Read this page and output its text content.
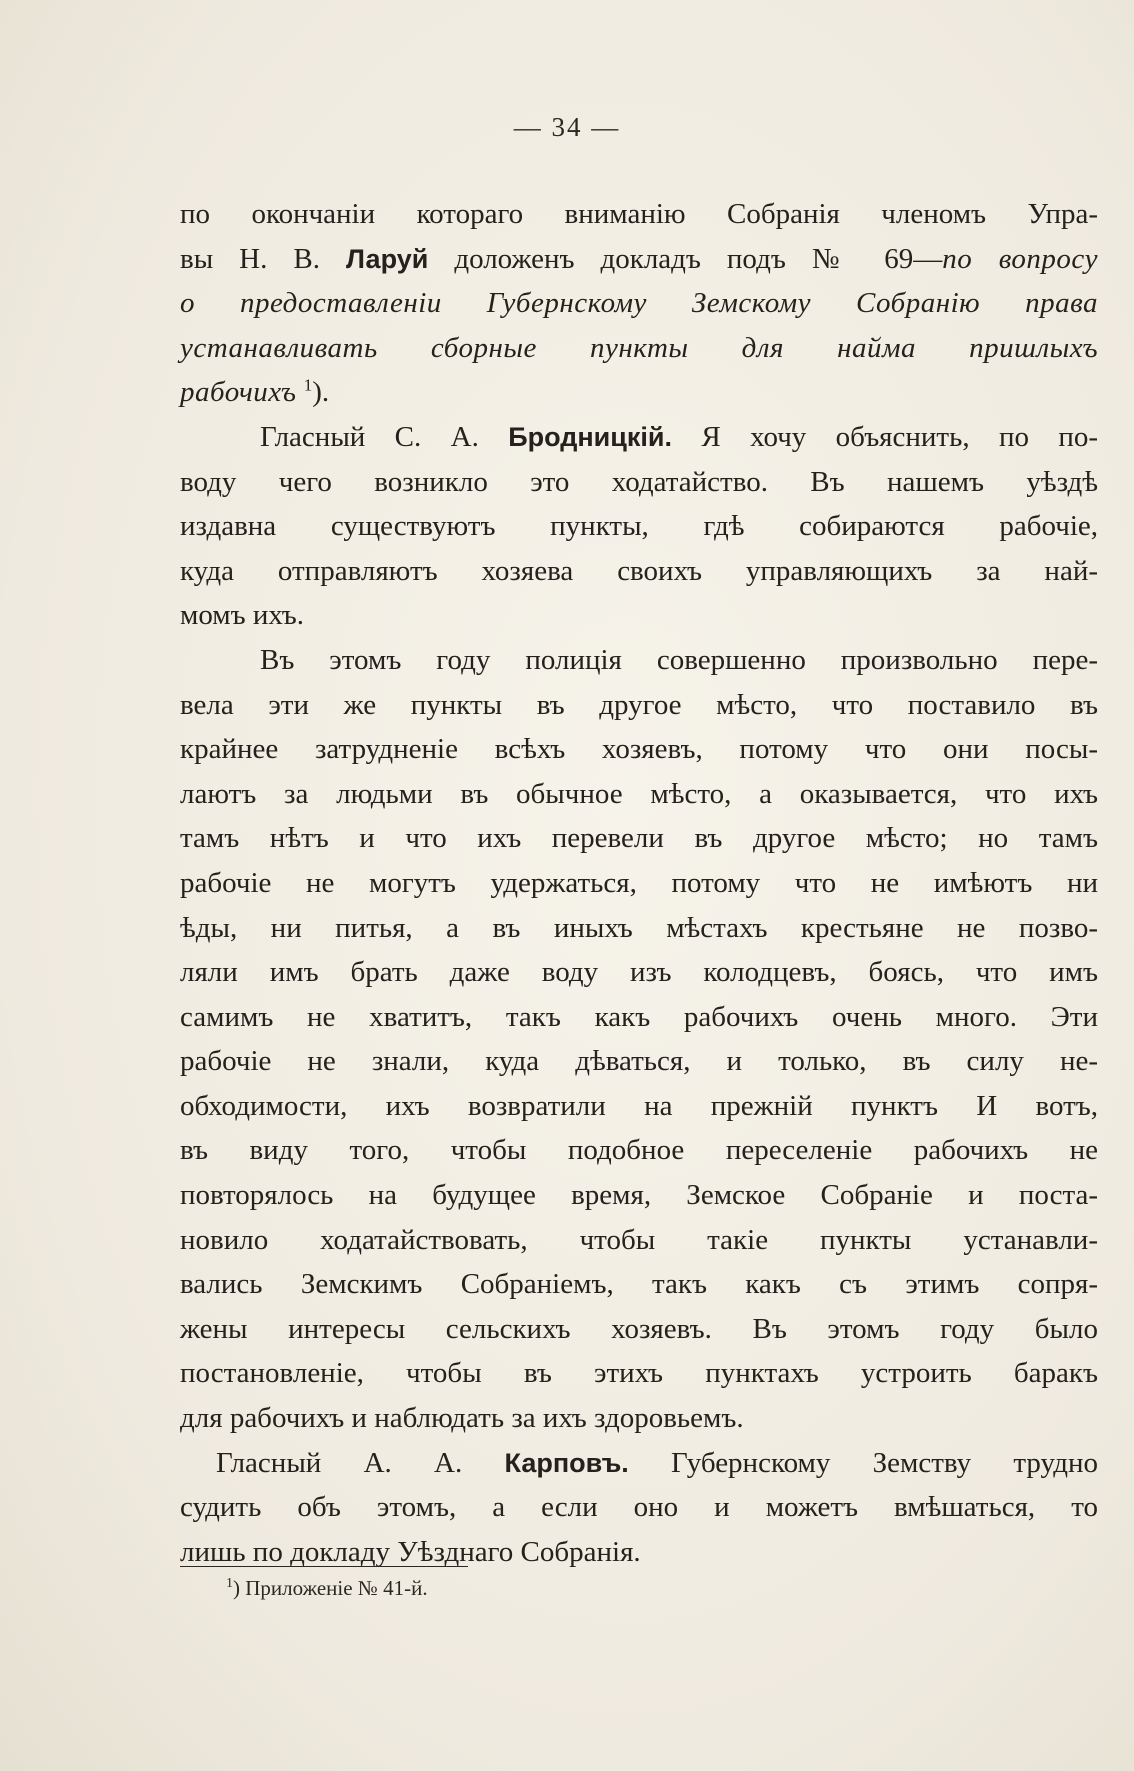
— 34 —
по окончаніи котораго вниманію Собранія членомъ Упра-
вы Н. В. Ларуй доложенъ докладъ подъ № 69—по вопросу
о предоставленіи Губернскому Земскому Собранію права
устанавливать сборные пункты для найма пришлыхъ
рабочихъ $^1$).
Гласный С. А. Бродницкій. Я хочу объяснить, по по-
воду чего возникло это ходатайство. Въ нашемъ уѣздѣ
издавна существуютъ пункты, гдѣ собираются рабочіе,
куда отправляютъ хозяева своихъ управляющихъ за най-
момъ ихъ.
Въ этомъ году полиція совершенно произвольно пере-
вела эти же пункты въ другое мѣсто, что поставило въ
крайнее затрудненіе всѣхъ хозяевъ, потому что они посы-
лаютъ за людьми въ обычное мѣсто, а оказывается, что ихъ
тамъ нѣтъ и что ихъ перевели въ другое мѣсто; но тамъ
рабочіе не могутъ удержаться, потому что не имѣютъ ни
ѣды, ни питья, а въ иныхъ мѣстахъ крестьяне не позво-
ляли имъ брать даже воду изъ колодцевъ, боясь, что имъ
самимъ не хватитъ, такъ какъ рабочихъ очень много. Эти
рабочіе не знали, куда дѣваться, и только, въ силу не-
обходимости, ихъ возвратили на прежній пунктъ И вотъ,
въ виду того, чтобы подобное переселеніе рабочихъ не
повторялось на будущее время, Земское Собраніе и поста-
новило ходатайствовать, чтобы такіе пункты устанавли-
вались Земскимъ Собраніемъ, такъ какъ съ этимъ сопря-
жены интересы сельскихъ хозяевъ. Въ этомъ году было
постановленіе, чтобы въ этихъ пунктахъ устроить баракъ
для рабочихъ и наблюдать за ихъ здоровьемъ.
Гласный А. А. Карповъ. Губернскому Земству трудно
судить объ этомъ, а если оно и можетъ вмѣшаться, то
лишь по докладу Уѣзднаго Собранія.
$^1$) Приложеніе № 41-й.
